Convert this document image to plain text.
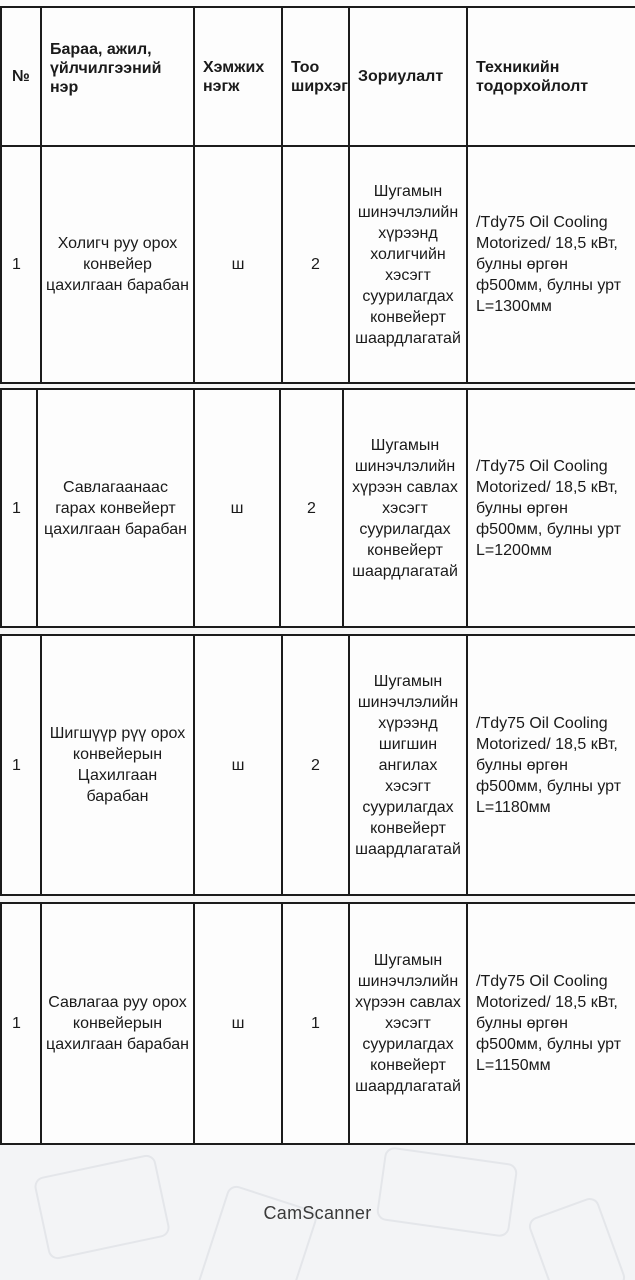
№	Бараа, ажил, үйлчилгээний нэр	Хэмжих нэгж	Тоо ширхэг	Зориулалт	Техникийн тодорхойлолт
1	Холигч руу орох конвейер цахилгаан барабан	ш	2	Шугамын шинэчлэлийн хүрээнд холигчийн хэсэгт суурилагдах конвейерт шаардлагатай	/Tdy75 Oil Cooling Motorized/ 18,5 кВт, булны өргөн ф500мм, булны урт L=1300мм
1	Савлагаанаас гарах конвейерт цахилгаан барабан	ш	2	Шугамын шинэчлэлийн хүрээн савлах хэсэгт суурилагдах конвейерт шаардлагатай	/Tdy75 Oil Cooling Motorized/ 18,5 кВт, булны өргөн ф500мм, булны урт L=1200мм
1	Шигшүүр рүү орох конвейерын Цахилгаан барабан	ш	2	Шугамын шинэчлэлийн хүрээнд шигшин ангилах хэсэгт суурилагдах конвейерт шаардлагатай	/Tdy75 Oil Cooling Motorized/ 18,5 кВт, булны өргөн ф500мм, булны урт L=1180мм
1	Савлагаа руу орох конвейерын цахилгаан барабан	ш	1	Шугамын шинэчлэлийн хүрээн савлах хэсэгт суурилагдах конвейерт шаардлагатай	/Tdy75 Oil Cooling Motorized/ 18,5 кВт, булны өргөн ф500мм, булны урт L=1150мм
CamScanner
